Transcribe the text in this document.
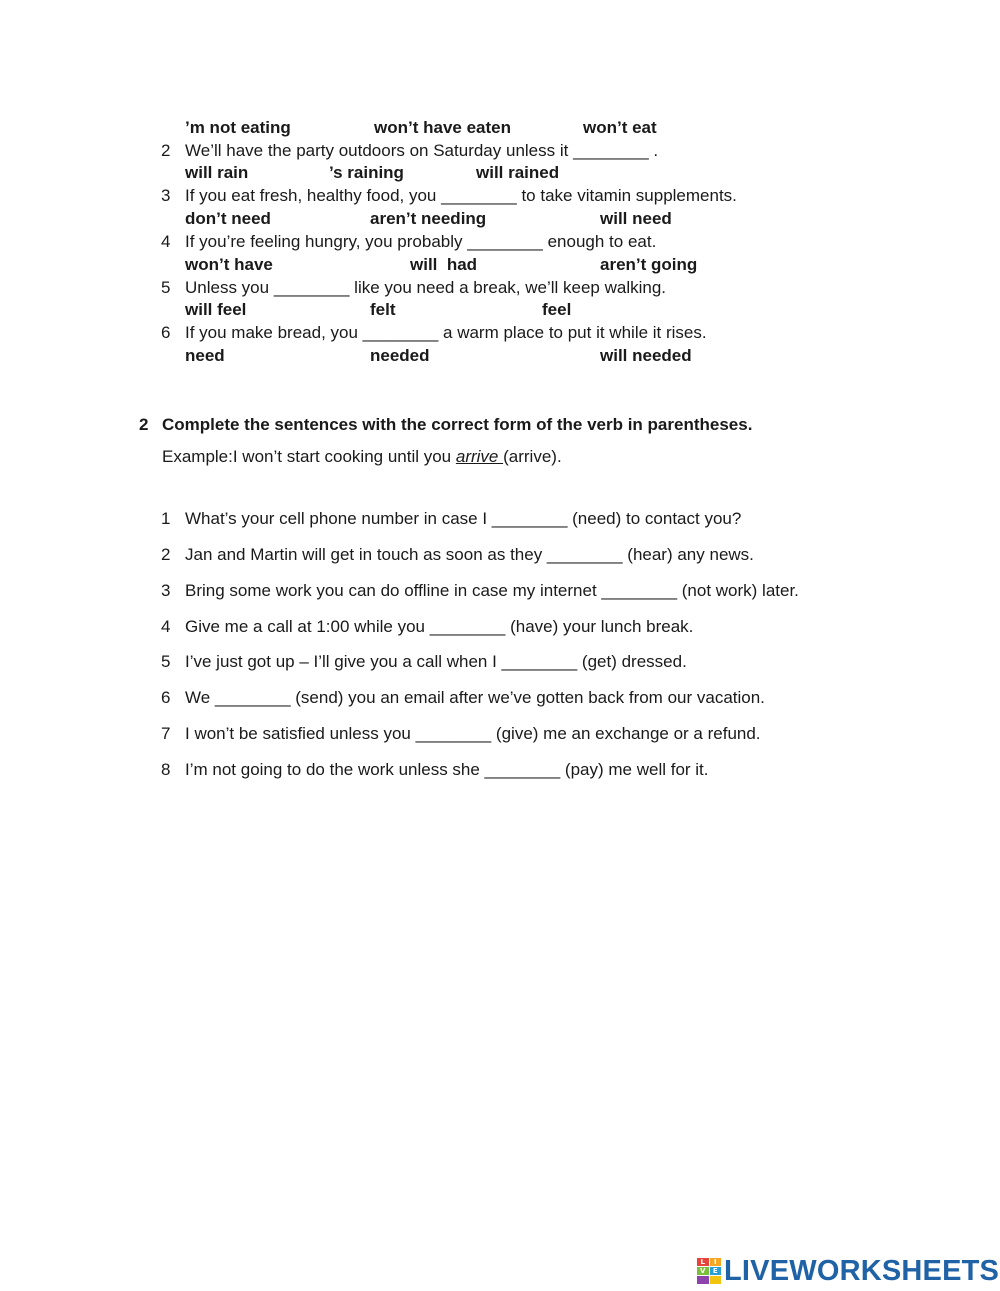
’m not eating	won’t have eaten	won’t eat
2 We’ll have the party outdoors on Saturday unless it ________ .
will rain	’s raining	will rained
3 If you eat fresh, healthy food, you ________ to take vitamin supplements.
don’t need	aren’t needing	will need
4 If you’re feeling hungry, you probably ________ enough to eat.
won’t have	will  had	aren’t going
5 Unless you ________ like you need a break, we’ll keep walking.
will feel	felt	feel
6 If you make bread, you ________ a warm place to put it while it rises.
need	needed	will needed
2 Complete the sentences with the correct form of the verb in parentheses.
Example:I won’t start cooking until you arrive (arrive).
1 What’s your cell phone number in case I ________ (need) to contact you?
2 Jan and Martin will get in touch as soon as they ________ (hear) any news.
3 Bring some work you can do offline in case my internet ________ (not work) later.
4 Give me a call at 1:00 while you ________ (have) your lunch break.
5 I’ve just got up – I’ll give you a call when I ________ (get) dressed.
6 We ________ (send) you an email after we’ve gotten back from our vacation.
7 I won’t be satisfied unless you ________ (give) me an exchange or a refund.
8 I’m not going to do the work unless she ________ (pay) me well for it.
L	I
V	E LIVEWORKSHEETS
